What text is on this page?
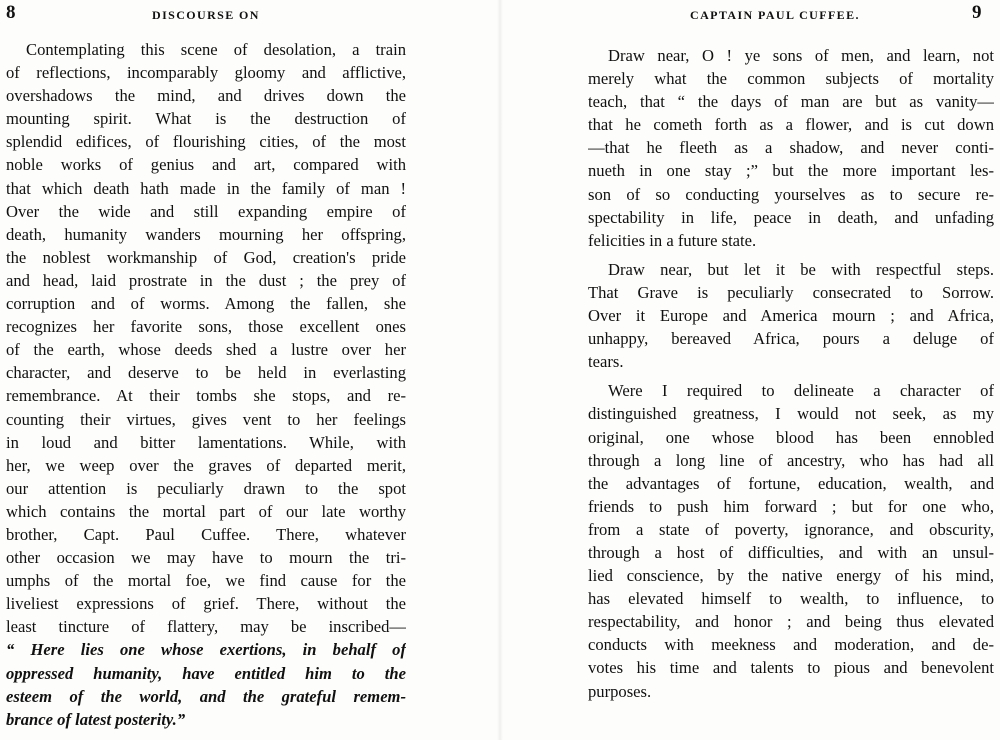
8	DISCOURSE ON
Contemplating this scene of desolation, a train
of reflections, incomparably gloomy and afflictive,
overshadows the mind, and drives down the
mounting spirit. What is the destruction of
splendid edifices, of flourishing cities, of the most
noble works of genius and art, compared with
that which death hath made in the family of man !
Over the wide and still expanding empire of
death, humanity wanders mourning her offspring,
the noblest workmanship of God, creation's pride
and head, laid prostrate in the dust ; the prey of
corruption and of worms. Among the fallen, she
recognizes her favorite sons, those excellent ones
of the earth, whose deeds shed a lustre over her
character, and deserve to be held in everlasting
remembrance. At their tombs she stops, and re-
counting their virtues, gives vent to her feelings
in loud and bitter lamentations. While, with
her, we weep over the graves of departed merit,
our attention is peculiarly drawn to the spot
which contains the mortal part of our late worthy
brother, Capt. Paul Cuffee. There, whatever
other occasion we may have to mourn the tri-
umphs of the mortal foe, we find cause for the
liveliest expressions of grief. There, without the
least tincture of flattery, may be inscribed—
“ Here lies one whose exertions, in behalf of
oppressed humanity, have entitled him to the
esteem of the world, and the grateful remem-
brance of latest posterity.”
9
CAPTAIN PAUL CUFFEE.
Draw near, O ! ye sons of men, and learn, not
merely what the common subjects of mortality
teach, that “ the days of man are but as vanity—
that he cometh forth as a flower, and is cut down
—that he fleeth as a shadow, and never conti-
nueth in one stay ;” but the more important les-
son of so conducting yourselves as to secure re-
spectability in life, peace in death, and unfading
felicities in a future state.
Draw near, but let it be with respectful steps.
That Grave is peculiarly consecrated to Sorrow.
Over it Europe and America mourn ; and Africa,
unhappy, bereaved Africa, pours a deluge of
tears.
Were I required to delineate a character of
distinguished greatness, I would not seek, as my
original, one whose blood has been ennobled
through a long line of ancestry, who has had all
the advantages of fortune, education, wealth, and
friends to push him forward ; but for one who,
from a state of poverty, ignorance, and obscurity,
through a host of difficulties, and with an unsul-
lied conscience, by the native energy of his mind,
has elevated himself to wealth, to influence, to
respectability, and honor ; and being thus elevated
conducts with meekness and moderation, and de-
votes his time and talents to pious and benevolent
purposes.
